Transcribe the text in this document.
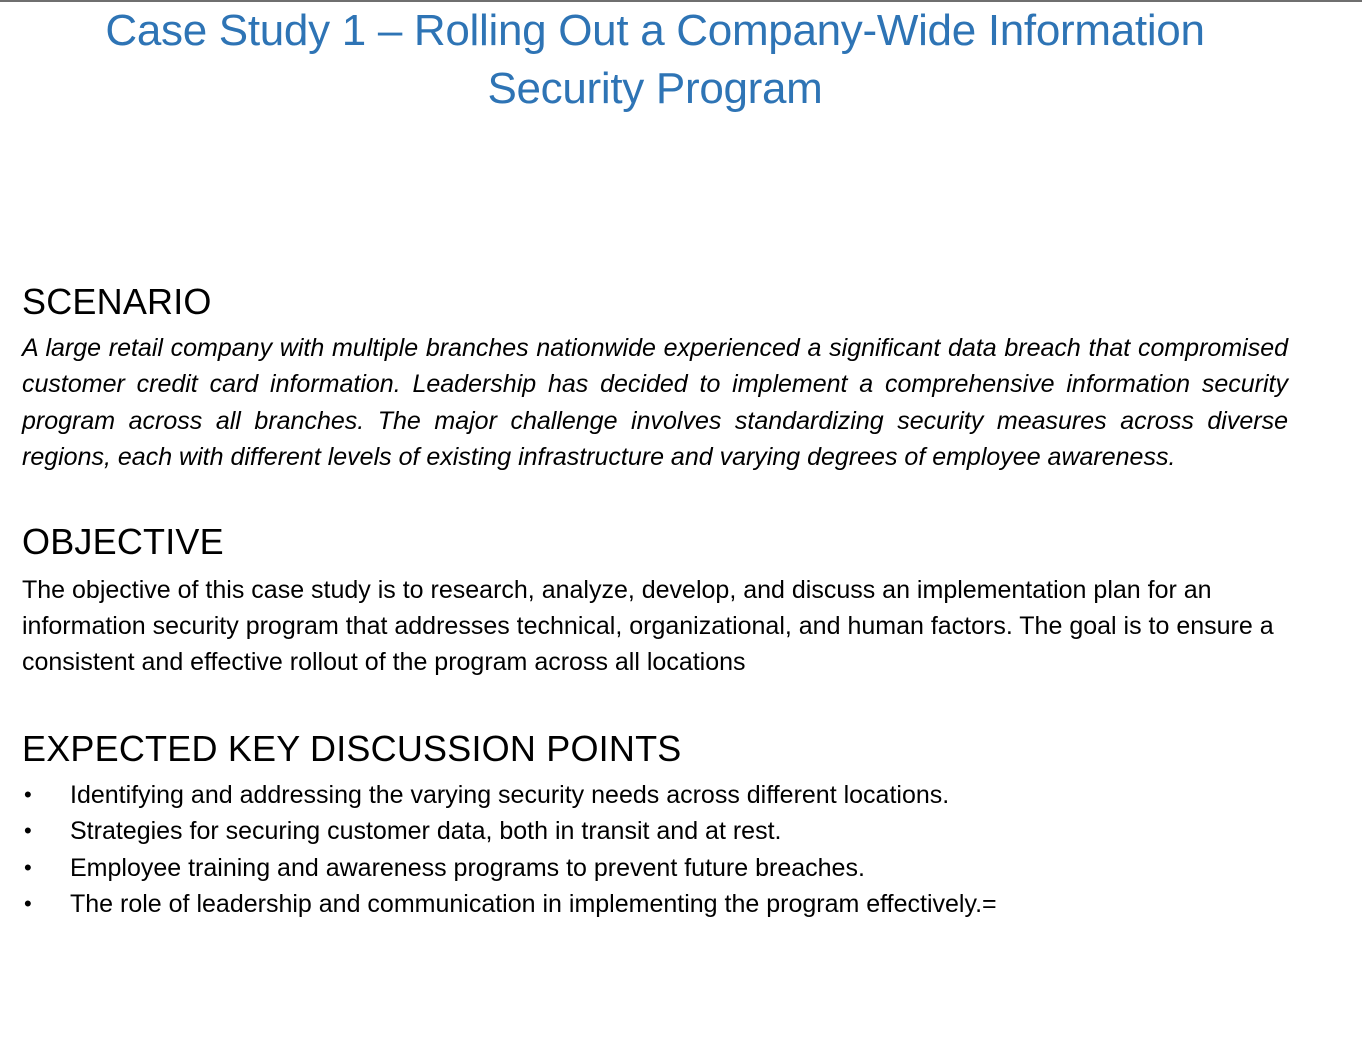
Case Study 1 – Rolling Out a Company-Wide Information Security Program
SCENARIO

A large retail company with multiple branches nationwide experienced a significant data breach that compromised customer credit card information. Leadership has decided to implement a comprehensive information security program across all branches. The major challenge involves standardizing security measures across diverse regions, each with different levels of existing infrastructure and varying degrees of employee awareness.

OBJECTIVE

The objective of this case study is to research, analyze, develop, and discuss an implementation plan for an information security program that addresses technical, organizational, and human factors. The goal is to ensure a consistent and effective rollout of the program across all locations

EXPECTED KEY DISCUSSION POINTS
• Identifying and addressing the varying security needs across different locations.
• Strategies for securing customer data, both in transit and at rest.
• Employee training and awareness programs to prevent future breaches.
• The role of leadership and communication in implementing the program effectively.=
